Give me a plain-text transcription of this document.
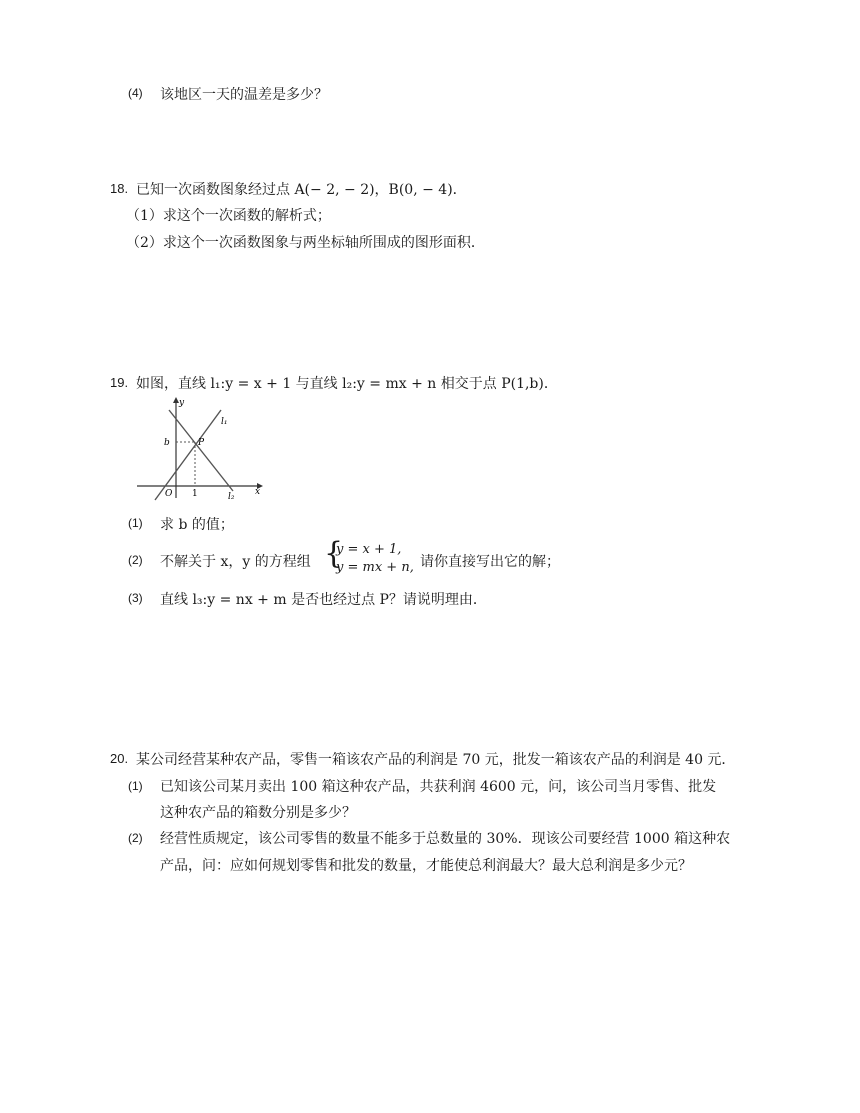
(4) 该地区一天的温差是多少？
18. 已知一次函数图象经过点 A(− 2, − 2)，B(0, − 4)．
（1）求这个一次函数的解析式；
（2）求这个一次函数图象与两坐标轴所围成的图形面积．
19. 如图，直线 l₁:y = x + 1 与直线 l₂:y = mx + n 相交于点 P(1,b)．
y
x
O
b	P
1
l₁
l₂
(1) 求 b 的值；
(2) 不解关于 x，y 的方程组 {
y = x + 1,
y = mx + n, 请你直接写出它的解；
(3) 直线 l₃:y = nx + m 是否也经过点 P？请说明理由．
20. 某公司经营某种农产品，零售一箱该农产品的利润是 70 元，批发一箱该农产品的利润是 40 元．
(1) 已知该公司某月卖出 100 箱这种农产品，共获利润 4600 元，问，该公司当月零售、批发
这种农产品的箱数分别是多少？
(2) 经营性质规定，该公司零售的数量不能多于总数量的 30%．现该公司要经营 1000 箱这种农
产品，问：应如何规划零售和批发的数量，才能使总利润最大？最大总利润是多少元？
